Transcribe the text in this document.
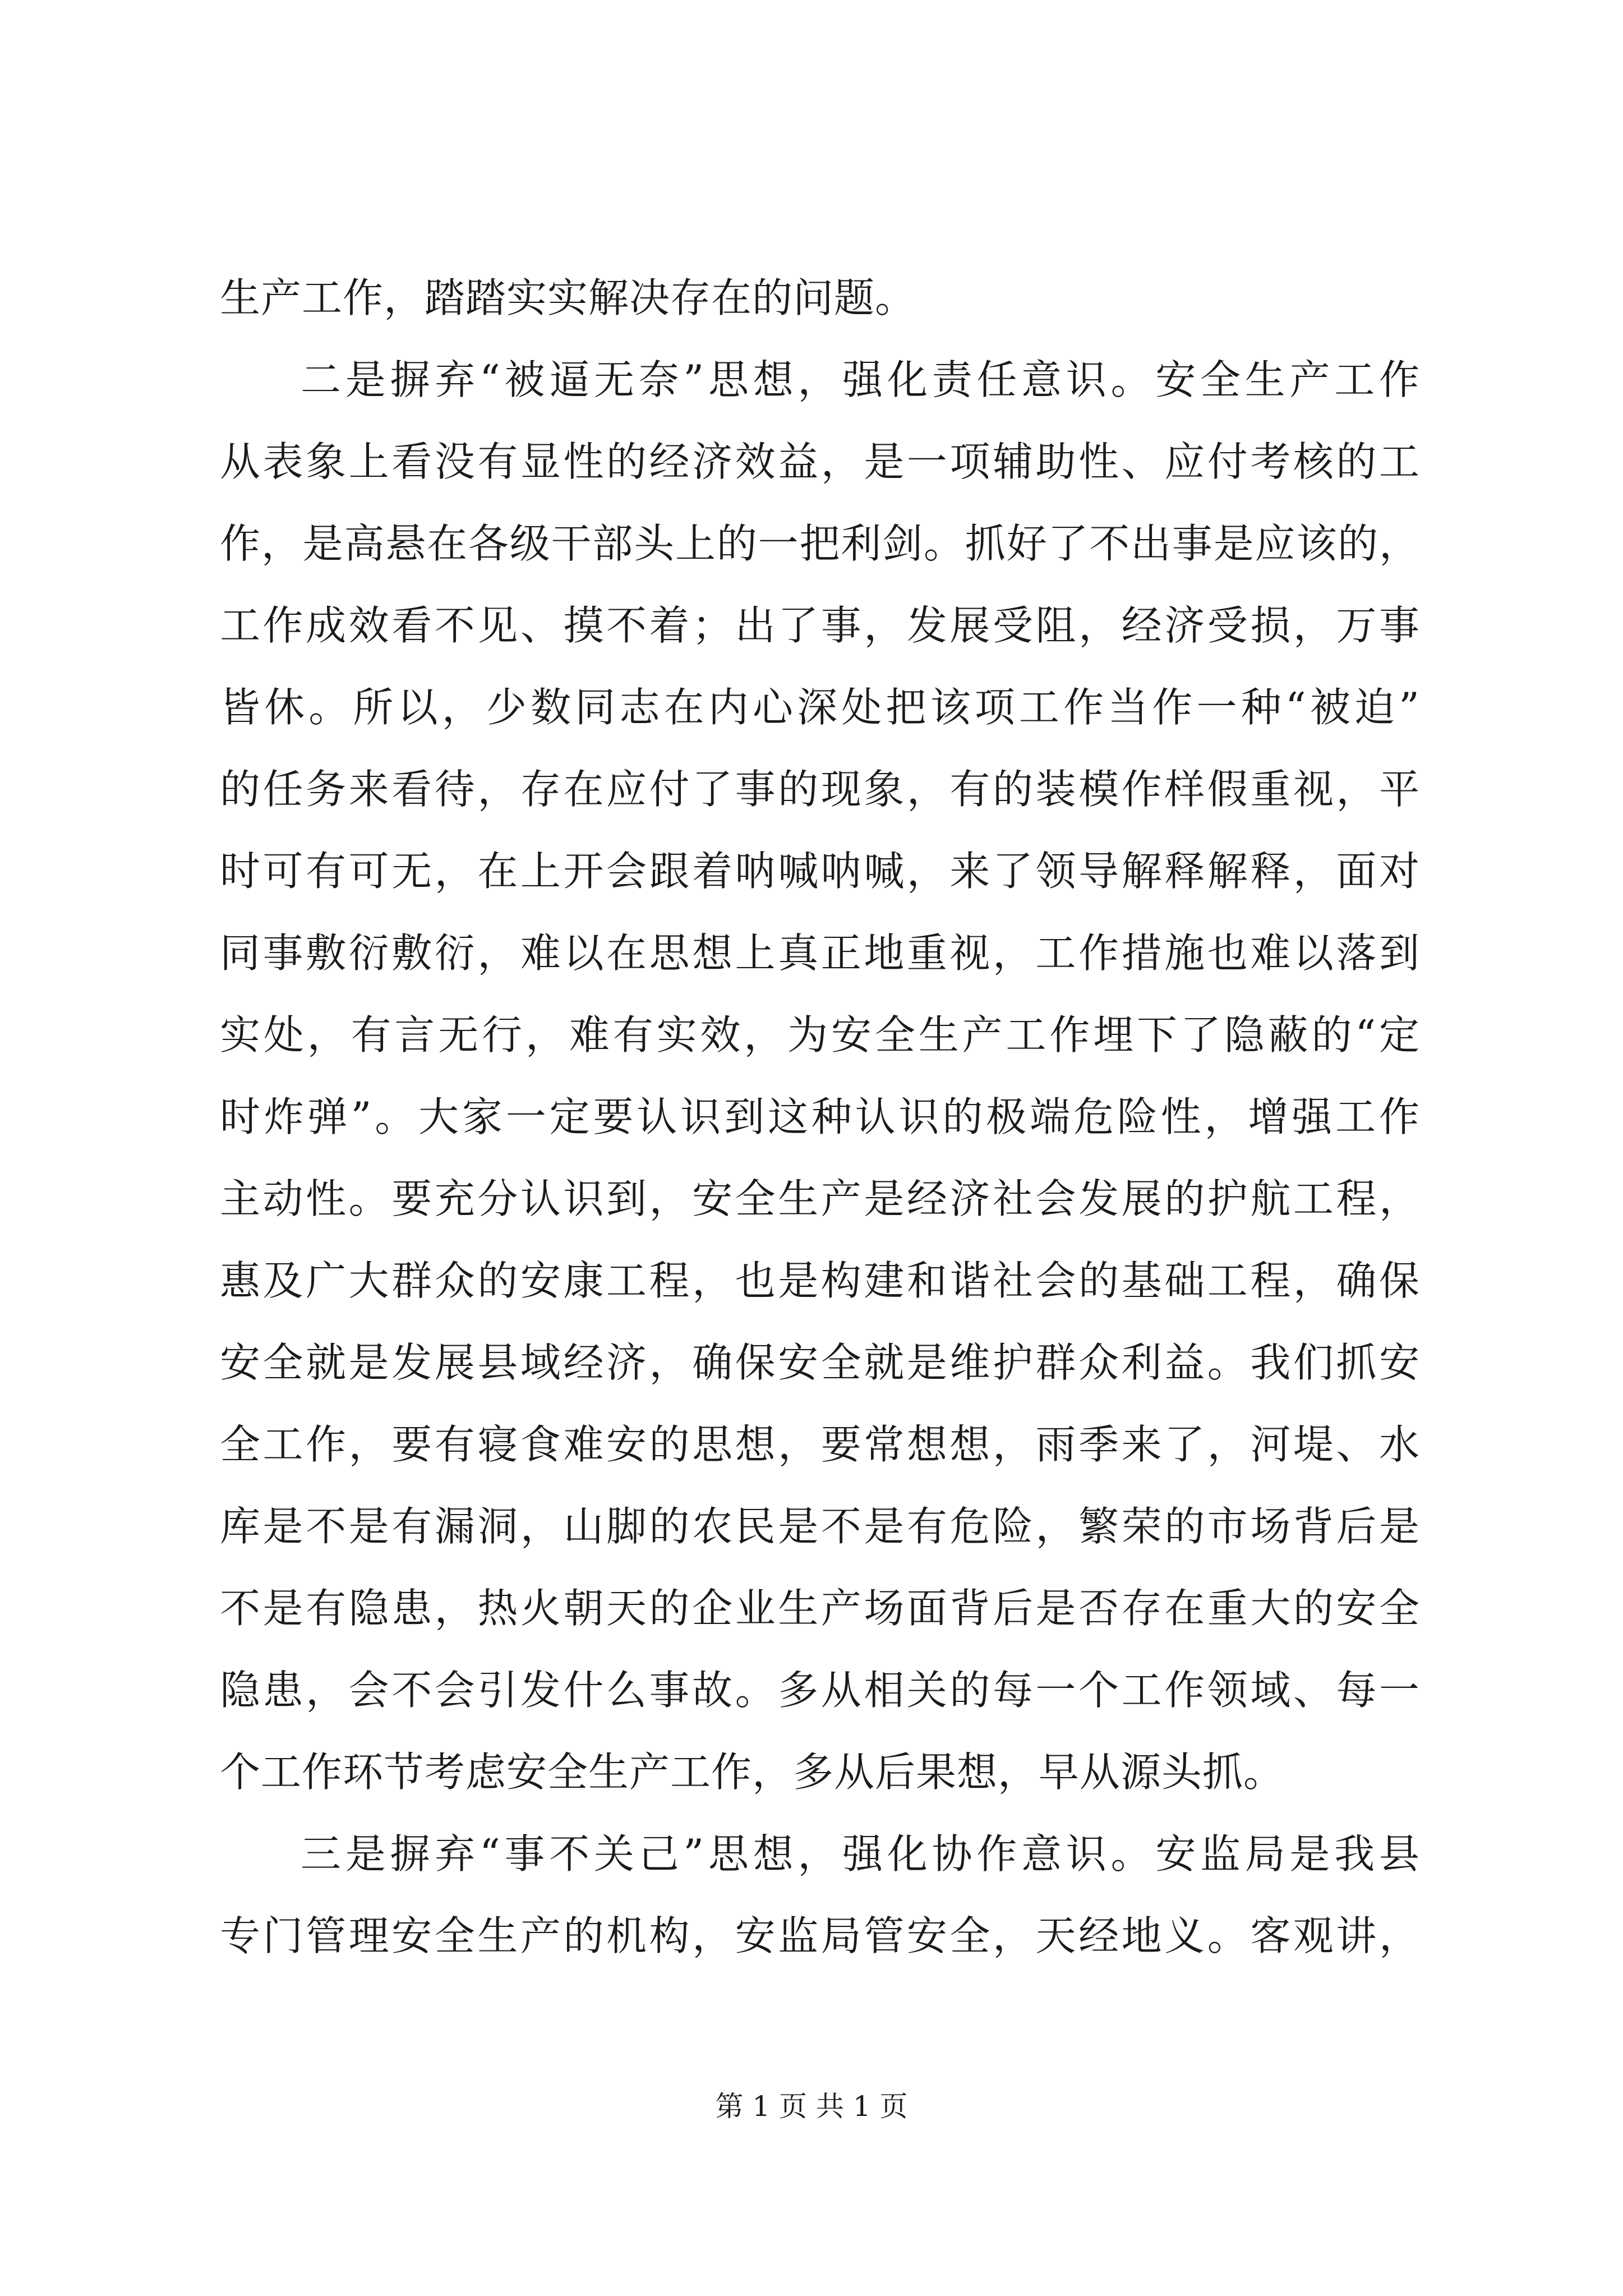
生产工作，踏踏实实解决存在的问题。
二是摒弃“被逼无奈”思想，强化责任意识。安全生产工作
从表象上看没有显性的经济效益，是一项辅助性、应付考核的工
作，是高悬在各级干部头上的一把利剑。抓好了不出事是应该的，
工作成效看不见、摸不着；出了事，发展受阻，经济受损，万事
皆休。所以，少数同志在内心深处把该项工作当作一种“被迫”
的任务来看待，存在应付了事的现象，有的装模作样假重视，平
时可有可无，在上开会跟着呐喊呐喊，来了领导解释解释，面对
同事敷衍敷衍，难以在思想上真正地重视，工作措施也难以落到
实处，有言无行，难有实效，为安全生产工作埋下了隐蔽的“定
时炸弹”。大家一定要认识到这种认识的极端危险性，增强工作
主动性。要充分认识到，安全生产是经济社会发展的护航工程，
惠及广大群众的安康工程，也是构建和谐社会的基础工程，确保
安全就是发展县域经济，确保安全就是维护群众利益。我们抓安
全工作，要有寝食难安的思想，要常想想，雨季来了，河堤、水
库是不是有漏洞，山脚的农民是不是有危险，繁荣的市场背后是
不是有隐患，热火朝天的企业生产场面背后是否存在重大的安全
隐患，会不会引发什么事故。多从相关的每一个工作领域、每一
个工作环节考虑安全生产工作，多从后果想，早从源头抓。
三是摒弃“事不关己”思想，强化协作意识。安监局是我县
专门管理安全生产的机构，安监局管安全，天经地义。客观讲，
第 1 页 共 1 页
